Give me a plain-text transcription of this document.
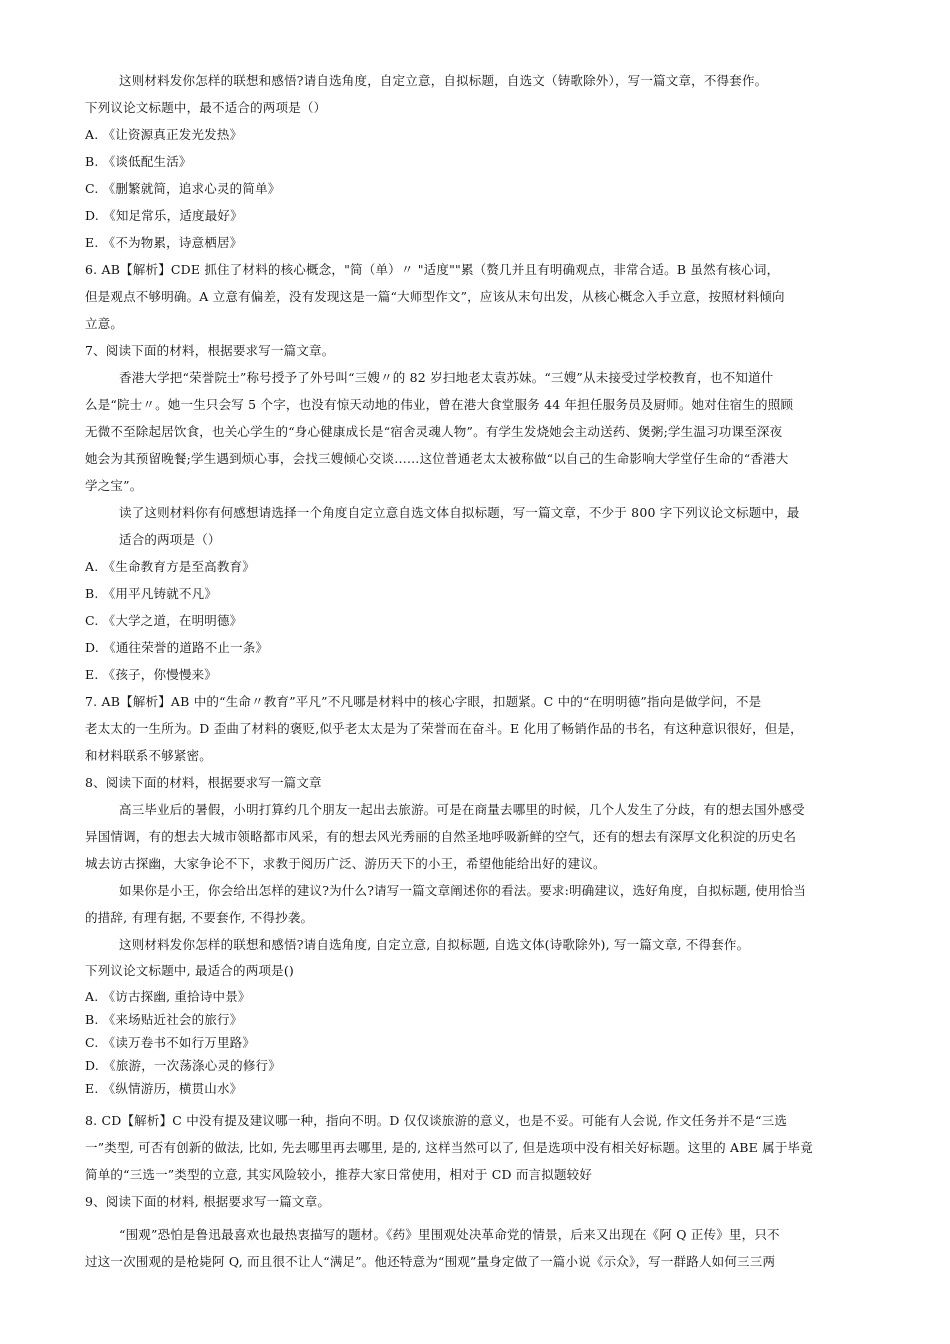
这则材料发你怎样的联想和感悟?请自选角度，自定立意，自拟标题，自选文（铸歌除外），写一篇文章，不得套作。
下列议论文标题中，最不适合的两项是（）
A. 《让资源真正发光发热》
B. 《谈低配生活》
C. 《删繁就简，追求心灵的简单》
D. 《知足常乐，适度最好》
E. 《不为物累，诗意栖居》
6. AB【解析】CDE 抓住了材料的核心概念，"简（单）〃 "适度""累（赘几并且有明确观点，非常合适。B 虽然有核心词，
但是观点不够明确。A 立意有偏差，没有发现这是一篇“大师型作文”，应该从末句出发，从核心概念入手立意，按照材料倾向
立意。
7、阅读下面的材料，根据要求写一篇文章。
香港大学把“荣誉院士”称号授予了外号叫“三嫂〃的 82 岁扫地老太袁苏妹。“三嫂”从未接受过学校教育，也不知道什
么是“院士〃。她一生只会写 5 个字，也没有惊天动地的伟业，曾在港大食堂服务 44 年担任服务员及厨师。她对住宿生的照顾
无微不至除起居饮食，也关心学生的“身心健康成长是“宿舍灵魂人物”。有学生发烧她会主动送药、煲粥;学生温习功课至深夜
她会为其预留晚餐;学生遇到烦心事，会找三嫂倾心交谈……这位普通老太太被称做“以自己的生命影响大学堂仔生命的“香港大
学之宝”。
读了这则材料你有何感想请选择一个角度自定立意自选文体自拟标题，写一篇文章，不少于 800 字下列议论文标题中，最
适合的两项是（）
A. 《生命教育方是至高教育》
B. 《用平凡铸就不凡》
C. 《大学之道，在明明德》
D. 《通往荣誉的道路不止一条》
E. 《孩子，你慢慢来》
7. AB【解析】AB 中的“生命〃教育”平凡”不凡哪是材料中的核心字眼，扣题紧。C 中的“在明明德”指向是做学问，不是
老太太的一生所为。D 歪曲了材料的褒贬,似乎老太太是为了荣誉而在奋斗。E 化用了畅销作品的书名，有这种意识很好，但是，
和材料联系不够紧密。
8、阅读下面的材料，根据要求写一篇文章
高三毕业后的暑假，小明打算约几个朋友一起出去旅游。可是在商量去哪里的时候，几个人发生了分歧，有的想去国外感受
异国情调，有的想去大城市领略都市风采，有的想去风光秀丽的自然圣地呼吸新鲜的空气，还有的想去有深厚文化积淀的历史名
城去访古探幽，大家争论不下，求教于阅历广泛、游历天下的小王，希望他能给出好的建议。
如果你是小王，你会给出怎样的建议?为什么?请写一篇文章阐述你的看法。要求:明确建议，选好角度，自拟标题, 使用恰当
的措辞, 有理有据, 不要套作, 不得抄袭。
这则材料发你怎样的联想和感悟?请自选角度, 自定立意, 自拟标题, 自选文体(诗歌除外), 写一篇文章, 不得套作。
下列议论文标题中, 最适合的两项是()
A. 《访古探幽, 重拾诗中景》
B. 《来场贴近社会的旅行》
C. 《读万卷书不如行万里路》
D. 《旅游，一次荡涤心灵的修行》
E. 《纵情游历，横贯山水》
8. CD【解析】C 中没有提及建议哪一种，指向不明。D 仅仅谈旅游的意义，也是不妥。可能有人会说, 作文任务并不是“三选
一”类型, 可否有创新的做法, 比如, 先去哪里再去哪里, 是的, 这样当然可以了, 但是选项中没有相关好标题。这里的 ABE 属于毕竟
简单的“三选一”类型的立意, 其实风险较小，推荐大家日常使用，相对于 CD 而言拟题较好
9、阅读下面的材料, 根据要求写一篇文章。
“围观”恐怕是鲁迅最喜欢也最热衷描写的题材。《药》里围观处决革命党的情景，后来又出现在《阿 Q 正传》里，只不
过这一次围观的是枪毙阿 Q, 而且很不让人“满足”。他还特意为“围观”量身定做了一篇小说《示众》，写一群路人如何三三两
